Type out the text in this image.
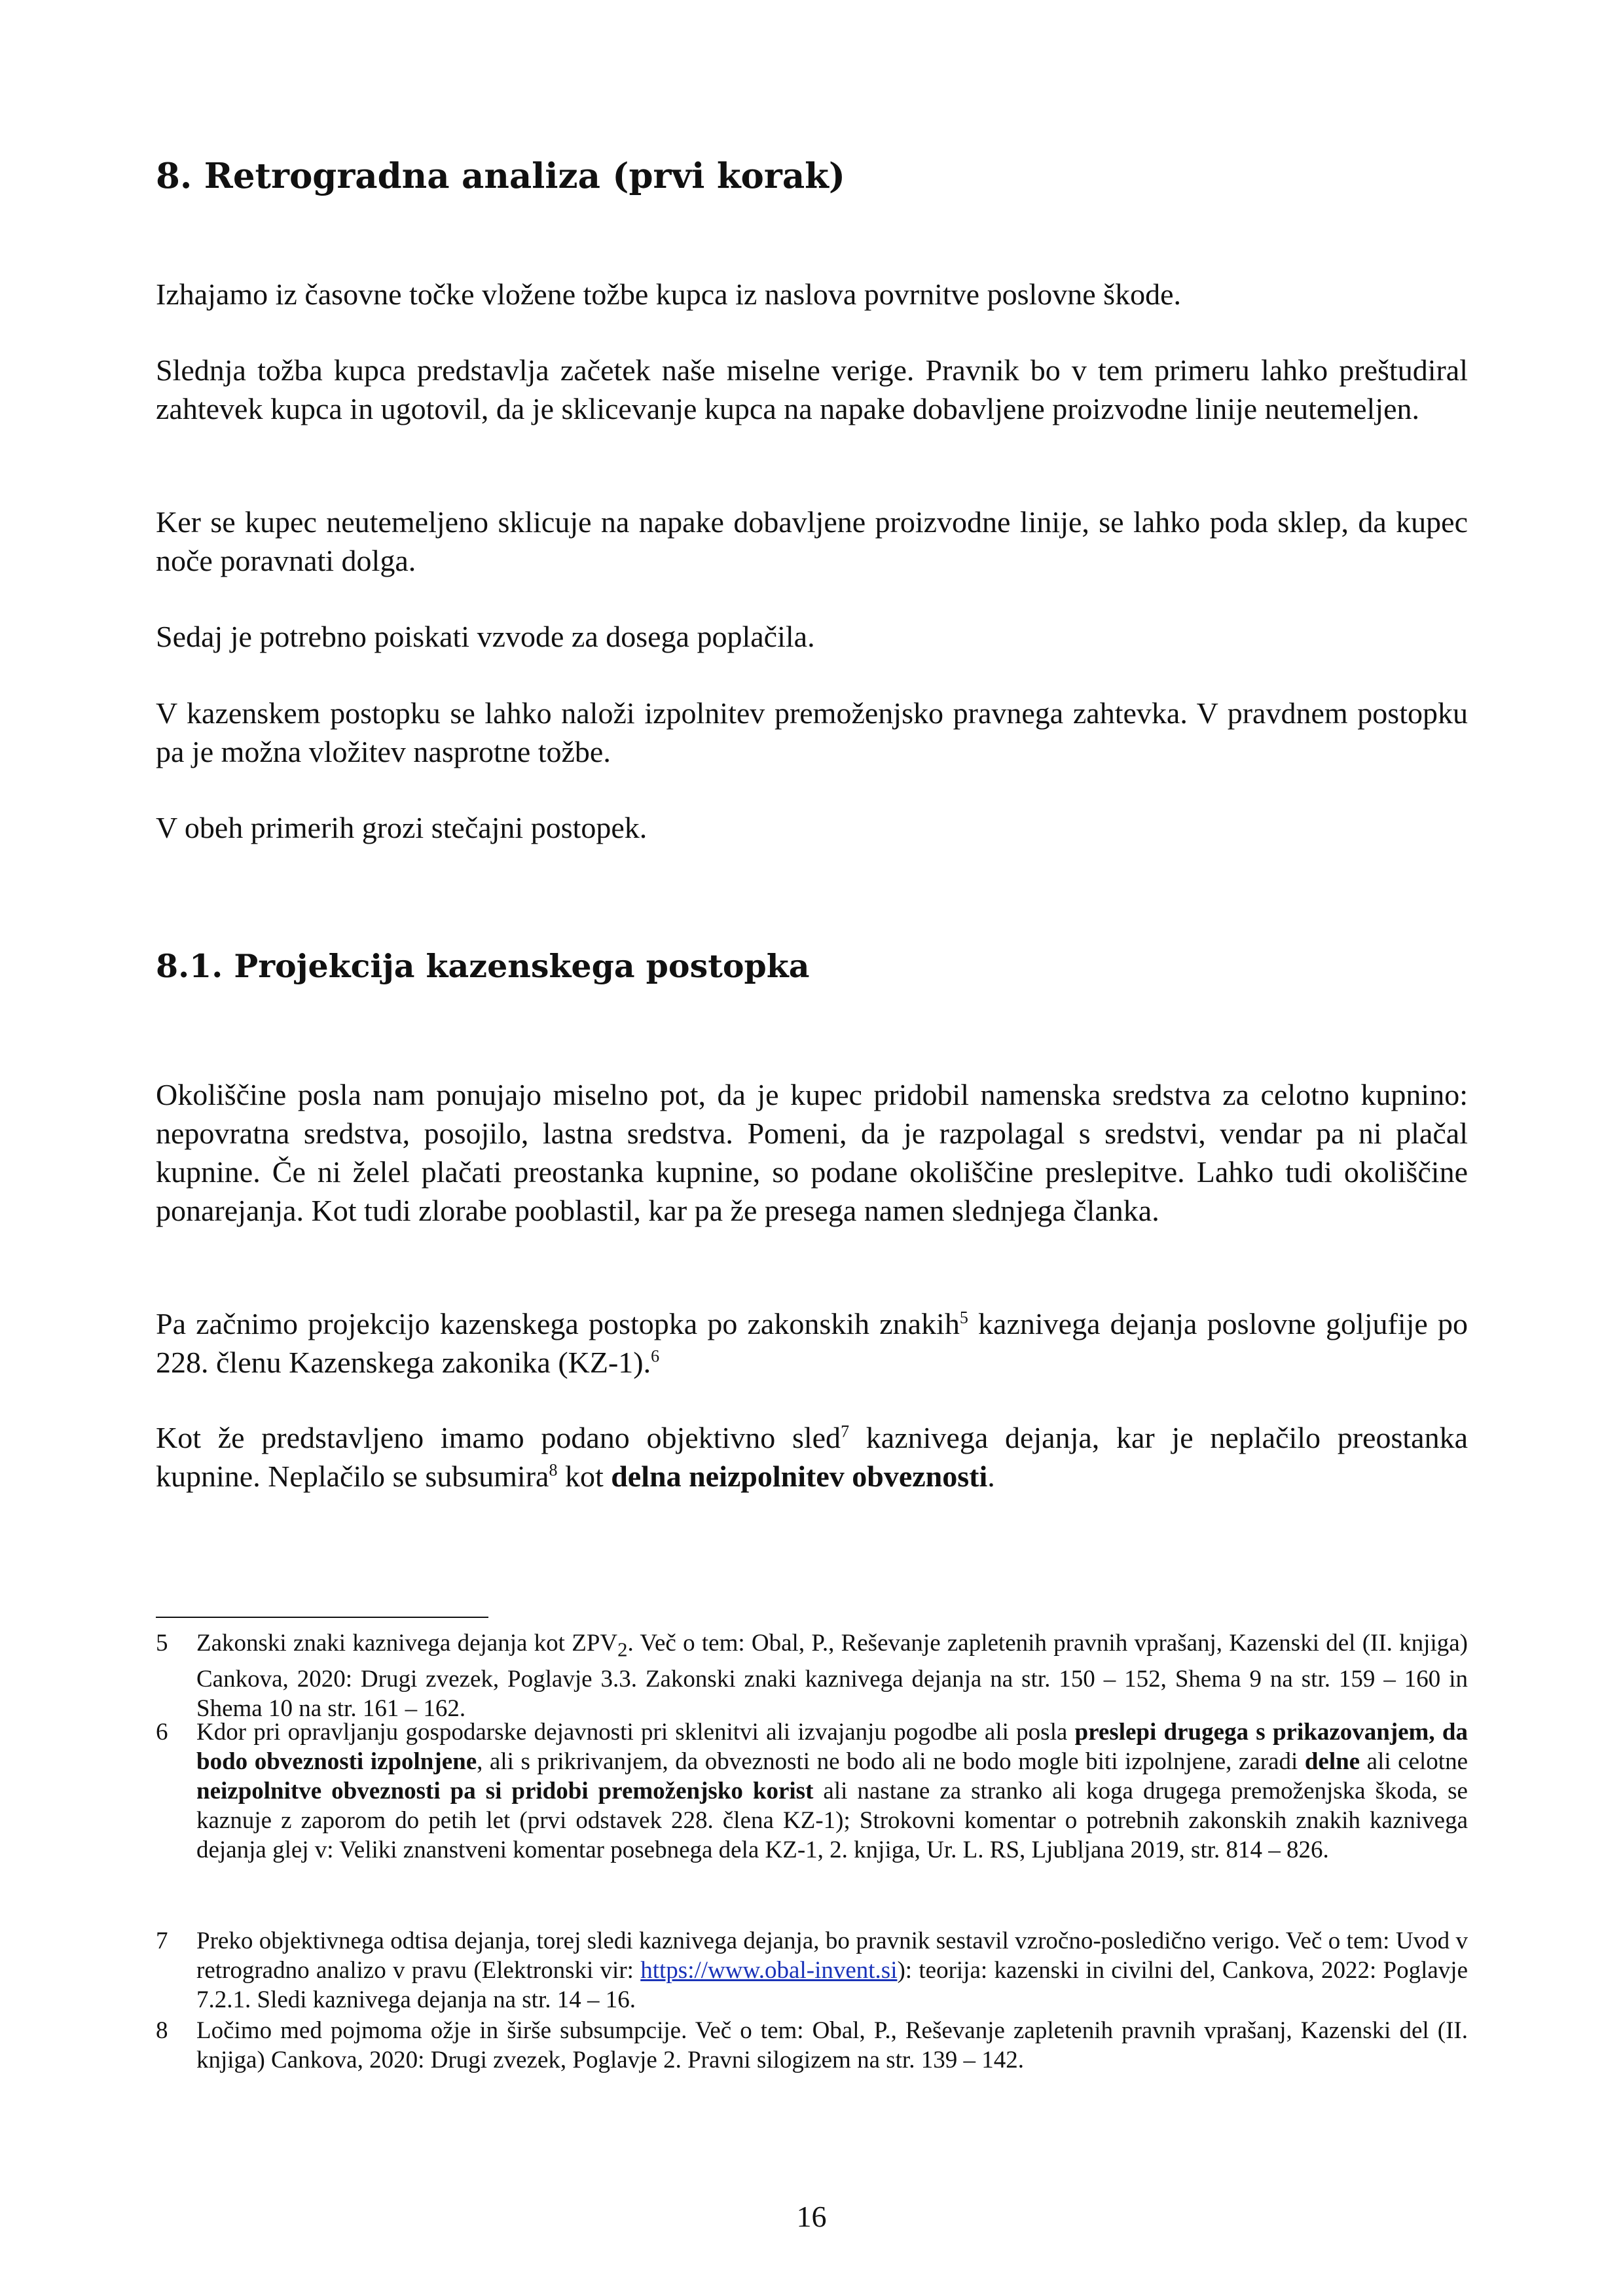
8. Retrogradna analiza (prvi korak)

Izhajamo iz časovne točke vložene tožbe kupca iz naslova povrnitve poslovne škode.

Slednja tožba kupca predstavlja začetek naše miselne verige. Pravnik bo v tem primeru lahko preštudiral zahtevek kupca in ugotovil, da je sklicevanje kupca na napake dobavljene proizvodne linije neutemeljen.

Ker se kupec neutemeljeno sklicuje na napake dobavljene proizvodne linije, se lahko poda sklep, da kupec noče poravnati dolga.

Sedaj je potrebno poiskati vzvode za dosega poplačila.

V kazenskem postopku se lahko naloži izpolnitev premoženjsko pravnega zahtevka. V pravdnem postopku pa je možna vložitev nasprotne tožbe.

V obeh primerih grozi stečajni postopek.

8.1. Projekcija kazenskega postopka

Okoliščine posla nam ponujajo miselno pot, da je kupec pridobil namenska sredstva za celotno kupnino: nepovratna sredstva, posojilo, lastna sredstva. Pomeni, da je razpolagal s sredstvi, vendar pa ni plačal kupnine. Če ni želel plačati preostanka kupnine, so podane okoliščine preslepitve. Lahko tudi okoliščine ponarejanja. Kot tudi zlorabe pooblastil, kar pa že presega namen slednjega članka.

Pa začnimo projekcijo kazenskega postopka po zakonskih znakih$^5$ kaznivega dejanja poslovne goljufije po 228. členu Kazenskega zakonika (KZ-1).$^6$

Kot že predstavljeno imamo podano objektivno sled$^7$ kaznivega dejanja, kar je neplačilo preostanka kupnine. Neplačilo se subsumira$^8$ kot delna neizpolnitev obveznosti.

5	Zakonski znaki kaznivega dejanja kot $ZPV_2$. Več o tem: Obal, P., Reševanje zapletenih pravnih vprašanj, Kazenski del (II. knjiga) Cankova, 2020: Drugi zvezek, Poglavje 3.3. Zakonski znaki kaznivega dejanja na str. 150 – 152, Shema 9 na str. 159 – 160 in Shema 10 na str. 161 – 162.
6	Kdor pri opravljanju gospodarske dejavnosti pri sklenitvi ali izvajanju pogodbe ali posla preslepi drugega s prikazovanjem, da bodo obveznosti izpolnjene, ali s prikrivanjem, da obveznosti ne bodo ali ne bodo mogle biti izpolnjene, zaradi delne ali celotne neizpolnitve obveznosti pa si pridobi premoženjsko korist ali nastane za stranko ali koga drugega premoženjska škoda, se kaznuje z zaporom do petih let (prvi odstavek 228. člena KZ-1); Strokovni komentar o potrebnih zakonskih znakih kaznivega dejanja glej v: Veliki znanstveni komentar posebnega dela KZ-1, 2. knjiga, Ur. L. RS, Ljubljana 2019, str. 814 – 826.
7	Preko objektivnega odtisa dejanja, torej sledi kaznivega dejanja, bo pravnik sestavil vzročno-posledično verigo. Več o tem: Uvod v retrogradno analizo v pravu (Elektronski vir: https://www.obal-invent.si): teorija: kazenski in civilni del, Cankova, 2022: Poglavje 7.2.1. Sledi kaznivega dejanja na str. 14 – 16.
8	Ločimo med pojmoma ožje in širše subsumpcije. Več o tem: Obal, P., Reševanje zapletenih pravnih vprašanj, Kazenski del (II. knjiga) Cankova, 2020: Drugi zvezek, Poglavje 2. Pravni silogizem na str. 139 – 142.
16
